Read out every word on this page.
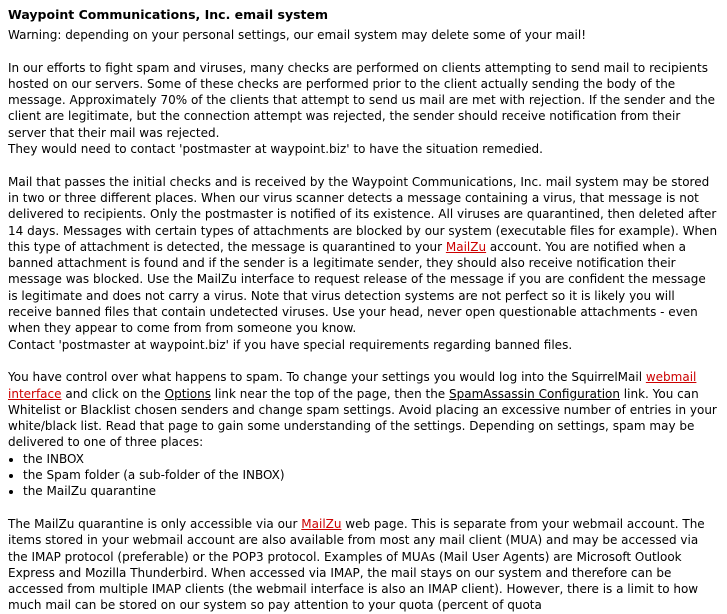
Waypoint Communications, Inc. email system

Warning: depending on your personal settings, our email system may delete some of your mail!

In our efforts to fight spam and viruses, many checks are performed on clients attempting to send mail to recipients hosted on our servers. Some of these checks are performed prior to the client actually sending the body of the message. Approximately 70% of the clients that attempt to send us mail are met with rejection. If the sender and the client are legitimate, but the connection attempt was rejected, the sender should receive notification from their server that their mail was rejected.
They would need to contact 'postmaster at waypoint.biz' to have the situation remedied.

Mail that passes the initial checks and is received by the Waypoint Communications, Inc. mail system may be stored in two or three different places. When our virus scanner detects a message containing a virus, that message is not delivered to recipients. Only the postmaster is notified of its existence. All viruses are quarantined, then deleted after 14 days. Messages with certain types of attachments are blocked by our system (executable files for example). When this type of attachment is detected, the message is quarantined to your MailZu account. You are notified when a banned attachment is found and if the sender is a legitimate sender, they should also receive notification their message was blocked. Use the MailZu interface to request release of the message if you are confident the message is legitimate and does not carry a virus. Note that virus detection systems are not perfect so it is likely you will receive banned files that contain undetected viruses. Use your head, never open questionable attachments - even when they appear to come from from someone you know.
Contact 'postmaster at waypoint.biz' if you have special requirements regarding banned files.

You have control over what happens to spam. To change your settings you would log into the SquirrelMail webmail interface and click on the Options link near the top of the page, then the SpamAssassin Configuration link. You can Whitelist or Blacklist chosen senders and change spam settings. Avoid placing an excessive number of entries in your white/black list. Read that page to gain some understanding of the settings. Depending on settings, spam may be delivered to one of three places:

• the INBOX
• the Spam folder (a sub-folder of the INBOX)
• the MailZu quarantine

The MailZu quarantine is only accessible via our MailZu web page. This is separate from your webmail account. The items stored in your webmail account are also available from most any mail client (MUA) and may be accessed via the IMAP protocol (preferable) or the POP3 protocol. Examples of MUAs (Mail User Agents) are Microsoft Outlook Express and Mozilla Thunderbird. When accessed via IMAP, the mail stays on our system and therefore can be accessed from multiple IMAP clients (the webmail interface is also an IMAP client). However, there is a limit to how much mail can be stored on our system so pay attention to your quota (percent of quota
